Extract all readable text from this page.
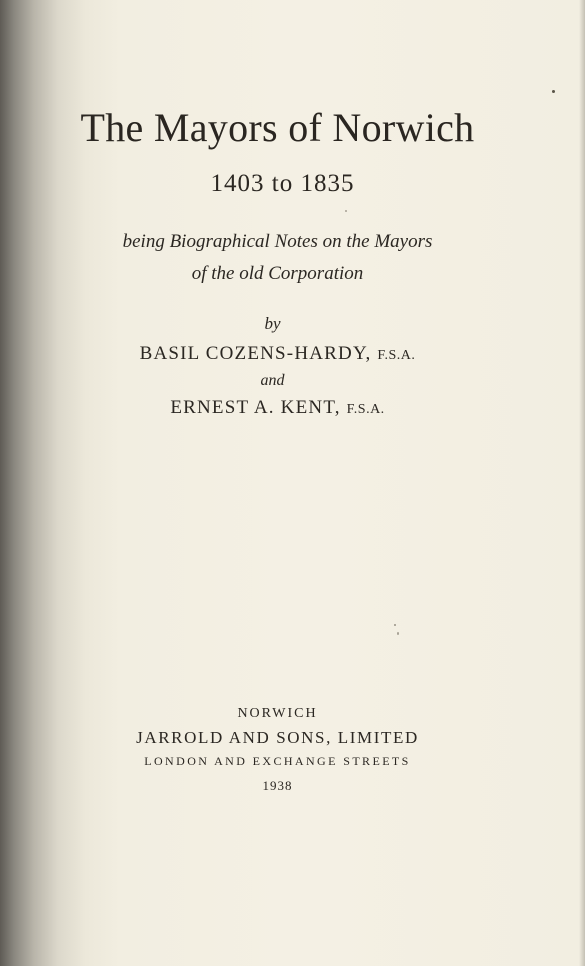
The Mayors of Norwich
1403 to 1835
being Biographical Notes on the Mayors
of the old Corporation
by
BASIL COZENS-HARDY, F.S.A.
and
ERNEST A. KENT, F.S.A.
NORWICH
JARROLD AND SONS, LIMITED
LONDON AND EXCHANGE STREETS
1938
